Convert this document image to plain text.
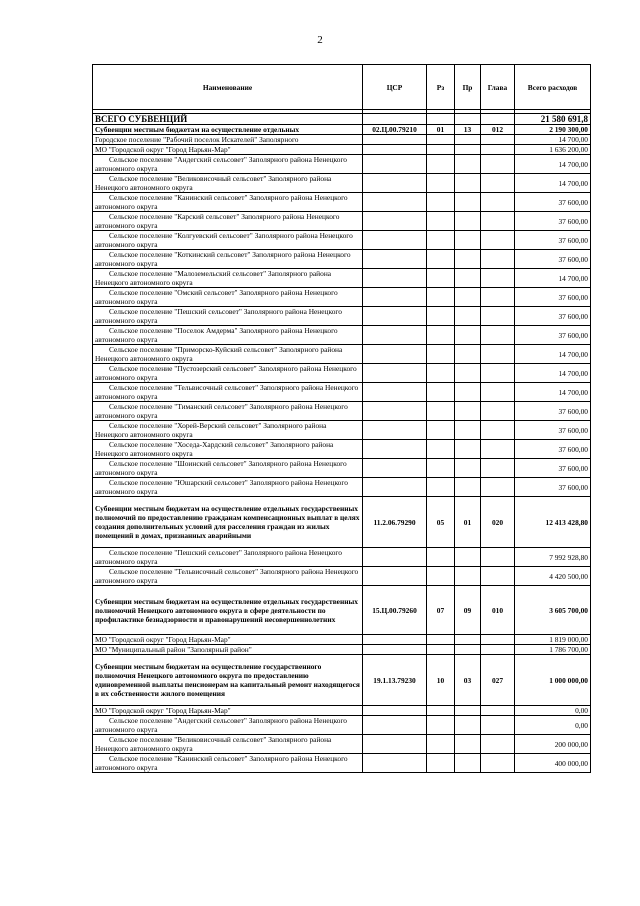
2
Наименование	ЦСР	Рз	Пр	Глава	Всего расходов

ВСЕГО СУБВЕНЦИЙ					21 580 691,8
Субвенции местным бюджетам на осуществление отдельных	02.Ц.00.79210	01	13	012	2 190 300,00
Городское поселение "Рабочий поселок Искателей" Заполярного					14 700,00
МО "Городской округ "Город Нарьян-Мар"					1 636 200,00
Сельское поселение "Андегский сельсовет" Заполярного района Ненецкого автономного округа					14 700,00
Сельское поселение "Великовисочный сельсовет" Заполярного района Ненецкого автономного округа					14 700,00
Сельское поселение "Канинский сельсовет" Заполярного района Ненецкого автономного округа					37 600,00
Сельское поселение "Карский сельсовет" Заполярного района Ненецкого автономного округа					37 600,00
Сельское поселение "Колгуевский сельсовет" Заполярного района Ненецкого автономного округа					37 600,00
Сельское поселение "Коткинский сельсовет" Заполярного района Ненецкого автономного округа					37 600,00
Сельское поселение "Малоземельский сельсовет" Заполярного района Ненецкого автономного округа					14 700,00
Сельское поселение "Омский сельсовет" Заполярного района Ненецкого автономного округа					37 600,00
Сельское поселение "Пешский сельсовет" Заполярного района Ненецкого автономного округа					37 600,00
Сельское поселение "Поселок Амдерма" Заполярного района Ненецкого автономного округа					37 600,00
Сельское поселение "Приморско-Куйский сельсовет" Заполярного района Ненецкого автономного округа					14 700,00
Сельское поселение "Пустозерский сельсовет" Заполярного района Ненецкого автономного округа					14 700,00
Сельское поселение "Тельвисочный сельсовет" Заполярного района Ненецкого автономного округа					14 700,00
Сельское поселение "Тиманский сельсовет" Заполярного района Ненецкого автономного округа					37 600,00
Сельское поселение "Хорей-Верский сельсовет" Заполярного района Ненецкого автономного округа					37 600,00
Сельское поселение "Хоседа-Хардский сельсовет" Заполярного района Ненецкого автономного округа					37 600,00
Сельское поселение "Шоинский сельсовет" Заполярного района Ненецкого автономного округа					37 600,00
Сельское поселение "Юшарский сельсовет" Заполярного района Ненецкого автономного округа					37 600,00
Субвенции местным бюджетам на осуществление отдельных государственных полномочий по предоставлению гражданам компенсационных выплат в целях создания дополнительных условий для расселения граждан из жилых помещений в домах, признанных аварийными	11.2.06.79290	05	01	020	12 413 428,80
Сельское поселение "Пешский сельсовет" Заполярного района Ненецкого автономного округа					7 992 928,80
Сельское поселение "Тельвисочный сельсовет" Заполярного района Ненецкого автономного округа					4 420 500,00
Субвенции местным бюджетам на осуществление отдельных государственных полномочий Ненецкого автономного округа в сфере деятельности по профилактике безнадзорности и правонарушений несовершеннолетних	15.Ц.00.79260	07	09	010	3 605 700,00
МО "Городской округ "Город Нарьян-Мар"					1 819 000,00
МО "Муниципальный район "Заполярный район"					1 786 700,00
Субвенции местным бюджетам на осуществление государственного полномочия Ненецкого автономного округа по предоставлению единовременной выплаты пенсионерам на капитальный ремонт находящегося в их собственности жилого помещения	19.1.13.79230	10	03	027	1 000 000,00
МО "Городской округ "Город Нарьян-Мар"					0,00
Сельское поселение "Андегский сельсовет" Заполярного района Ненецкого автономного округа					0,00
Сельское поселение "Великовисочный сельсовет" Заполярного района Ненецкого автономного округа					200 000,00
Сельское поселение "Канинский сельсовет" Заполярного района Ненецкого автономного округа					400 000,00
